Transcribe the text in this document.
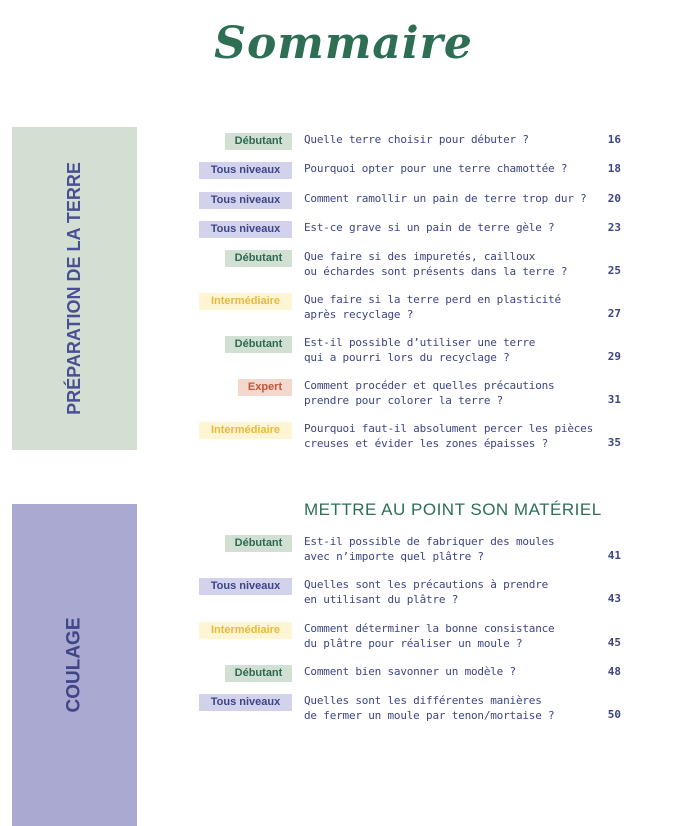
Sommaire
PRÉPARATION DE LA TERRE
COULAGE
METTRE AU POINT SON MATÉRIEL
Débutant	Quelle terre choisir pour débuter ?	16
Tous niveaux	Pourquoi opter pour une terre chamottée ?	18
Tous niveaux	Comment ramollir un pain de terre trop dur ? 20
Tous niveaux	Est-ce grave si un pain de terre gèle ?	23
Débutant	Que faire si des impuretés, cailloux
ou échardes sont présents dans la terre ?	25
Intermédiaire	Que faire si la terre perd en plasticité
après recyclage ?	27
Débutant	Est-il possible d’utiliser une terre
qui a pourri lors du recyclage ?	29
Expert	Comment procéder et quelles précautions
prendre pour colorer la terre ?	31
Intermédiaire	Pourquoi faut-il absolument percer les pièces
creuses et évider les zones épaisses ?	35
Débutant	Est-il possible de fabriquer des moules
avec n’importe quel plâtre ?	41
Tous niveaux	Quelles sont les précautions à prendre
en utilisant du plâtre ?	43
Intermédiaire	Comment déterminer la bonne consistance
du plâtre pour réaliser un moule ?	45
Débutant	Comment bien savonner un modèle ?	48
Tous niveaux	Quelles sont les différentes manières
de fermer un moule par tenon/mortaise ?	50
